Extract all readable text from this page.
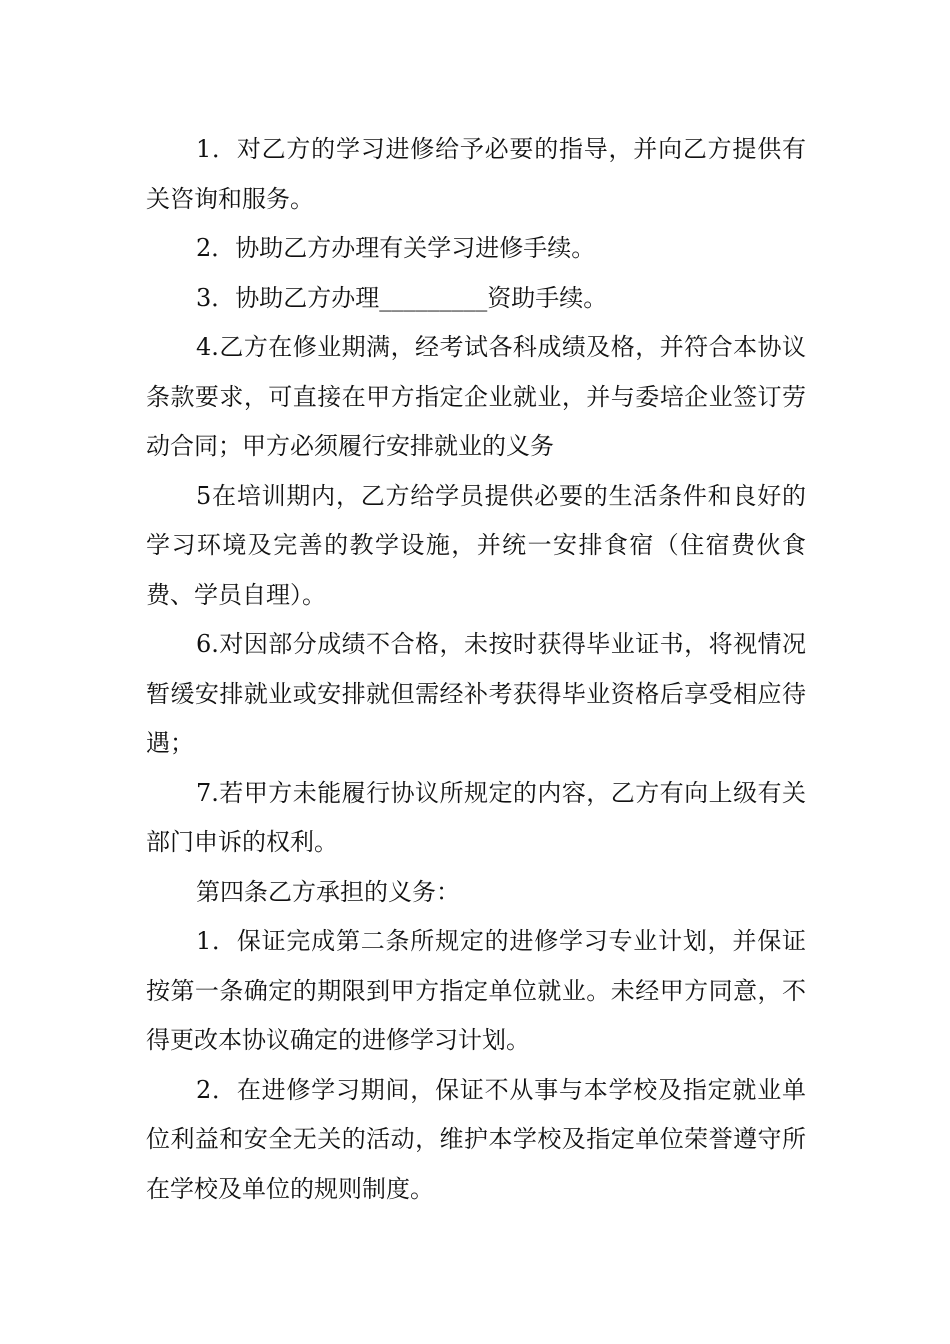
1．对乙方的学习进修给予必要的指导，并向乙方提供有关咨询和服务。

2．协助乙方办理有关学习进修手续。

3．协助乙方办理_________资助手续。

4.乙方在修业期满，经考试各科成绩及格，并符合本协议条款要求，可直接在甲方指定企业就业，并与委培企业签订劳动合同；甲方必须履行安排就业的义务

5在培训期内，乙方给学员提供必要的生活条件和良好的学习环境及完善的教学设施，并统一安排食宿（住宿费伙食费、学员自理）。

6.对因部分成绩不合格，未按时获得毕业证书，将视情况暂缓安排就业或安排就但需经补考获得毕业资格后享受相应待遇；

7.若甲方未能履行协议所规定的内容，乙方有向上级有关部门申诉的权利。

第四条乙方承担的义务：

1．保证完成第二条所规定的进修学习专业计划，并保证按第一条确定的期限到甲方指定单位就业。未经甲方同意，不得更改本协议确定的进修学习计划。

2．在进修学习期间，保证不从事与本学校及指定就业单位利益和安全无关的活动，维护本学校及指定单位荣誉遵守所在学校及单位的规则制度。
